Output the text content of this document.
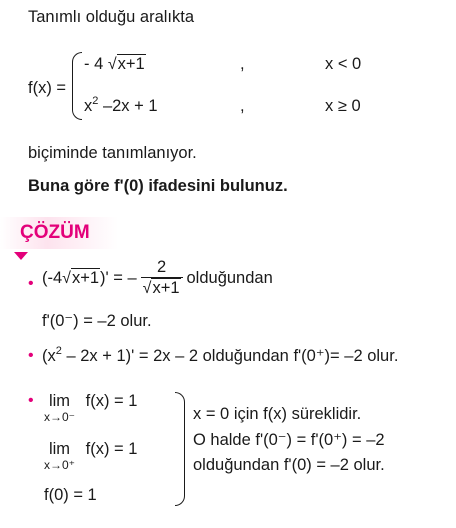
Tanımlı olduğu aralıkta
f(x) =
- 4 √x+1	,	x < 0
$x^2$ –2x + 1	,	x ≥ 0
biçiminde tanımlanıyor.
Buna göre f'(0) ifadesini bulunuz.
ÇÖZÜM
• (-4 √x+1 )' = – $\frac{2}{√x+1}$ olduğundan
f'(0⁻) = –2 olur.
• $(x^2 - 2x + 1)' = 2x - 2$ olduğundan f'(0⁺)= –2 olur.
• lim
x→0⁻
f(x) = 1
lim
x→0⁺
f(x) = 1
f(0) = 1
x = 0 için f(x) süreklidir.
O halde f'(0⁻) = f'(0⁺) = –2
olduğundan f'(0) = –2 olur.
